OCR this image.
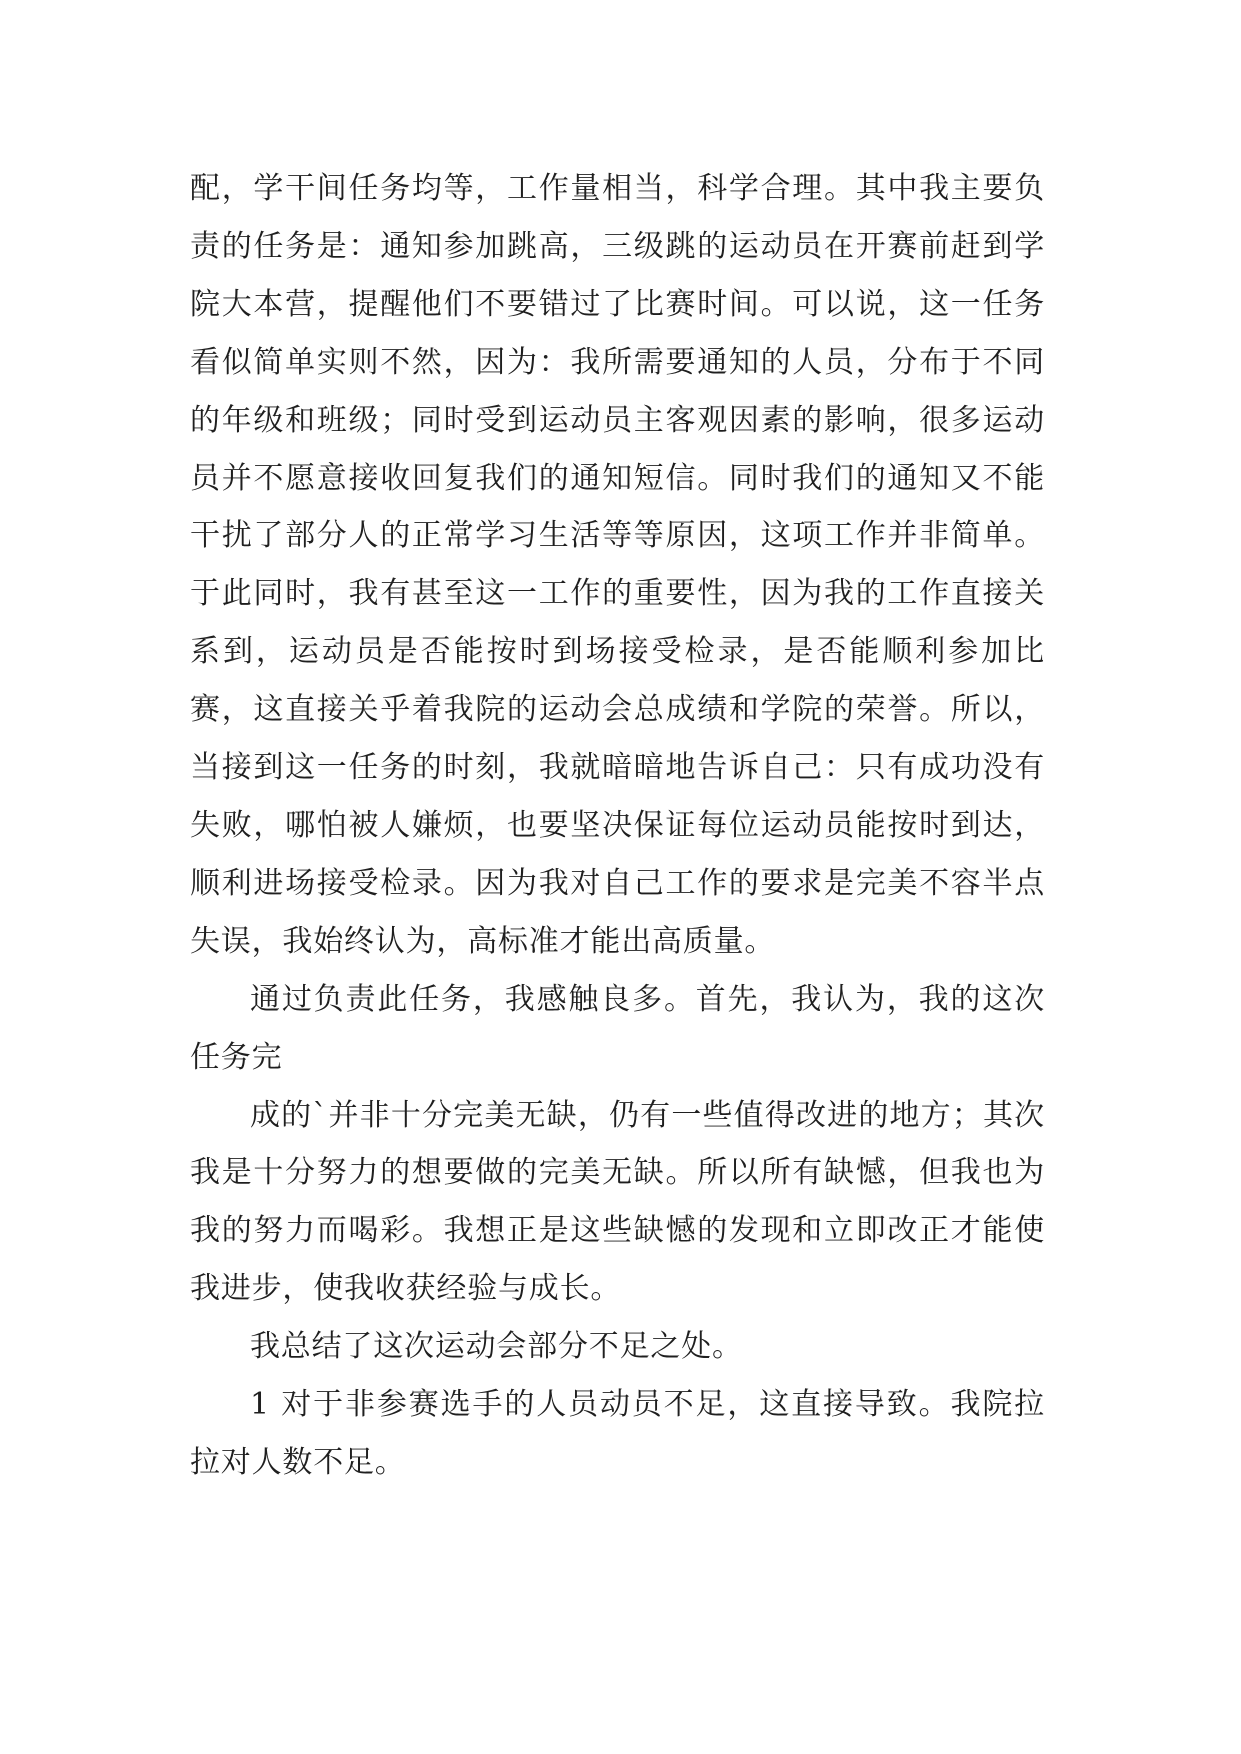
配，学干间任务均等，工作量相当，科学合理。其中我主要负责的任务是：通知参加跳高，三级跳的运动员在开赛前赶到学院大本营，提醒他们不要错过了比赛时间。可以说，这一任务看似简单实则不然，因为：我所需要通知的人员，分布于不同的年级和班级；同时受到运动员主客观因素的影响，很多运动员并不愿意接收回复我们的通知短信。同时我们的通知又不能干扰了部分人的正常学习生活等等原因，这项工作并非简单。于此同时，我有甚至这一工作的重要性，因为我的工作直接关系到，运动员是否能按时到场接受检录，是否能顺利参加比赛，这直接关乎着我院的运动会总成绩和学院的荣誉。所以，当接到这一任务的时刻，我就暗暗地告诉自己：只有成功没有失败，哪怕被人嫌烦，也要坚决保证每位运动员能按时到达，顺利进场接受检录。因为我对自己工作的要求是完美不容半点失误，我始终认为，高标准才能出高质量。

通过负责此任务，我感触良多。首先，我认为，我的这次任务完

成的`并非十分完美无缺，仍有一些值得改进的地方；其次我是十分努力的想要做的完美无缺。所以所有缺憾，但我也为我的努力而喝彩。我想正是这些缺憾的发现和立即改正才能使我进步，使我收获经验与成长。

我总结了这次运动会部分不足之处。

1 对于非参赛选手的人员动员不足，这直接导致。我院拉拉对人数不足。
